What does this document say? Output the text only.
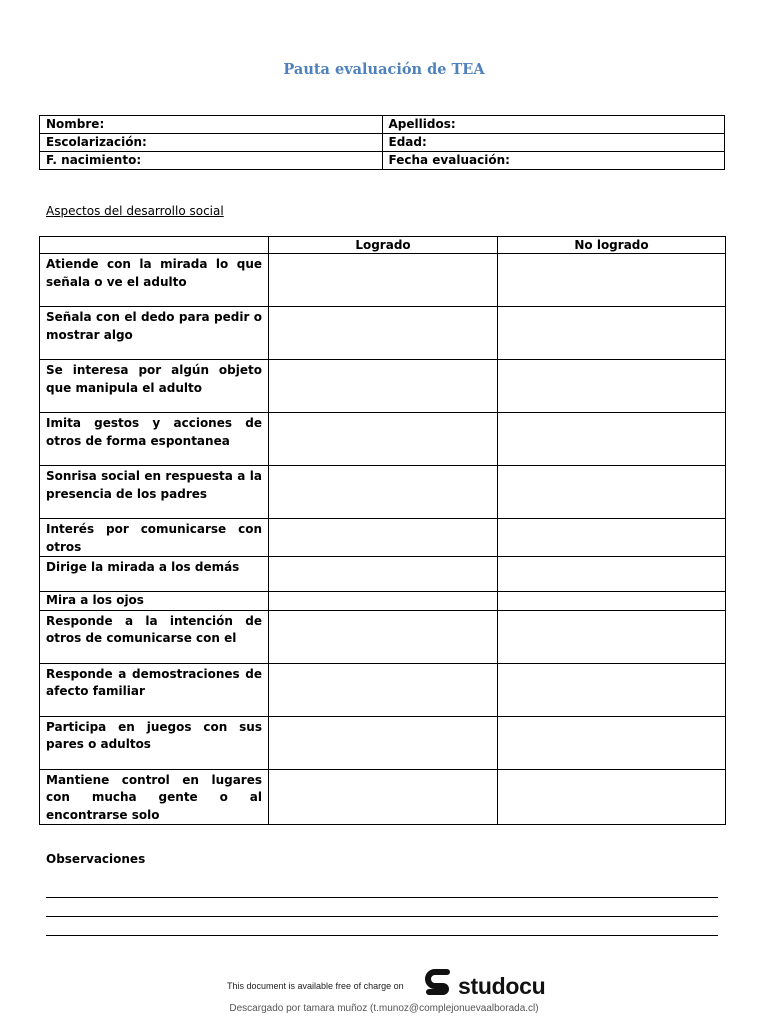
Pauta evaluación de TEA
Nombre:	Apellidos:
Escolarización:	Edad:
F. nacimiento:	Fecha evaluación:
Aspectos del desarrollo social
	Logrado	No logrado
Atiende con la mirada lo que señala o ve el adulto		
Señala con el dedo para pedir o mostrar algo		
Se interesa por algún objeto que manipula el adulto		
Imita gestos y acciones de otros de forma espontanea		
Sonrisa social en respuesta a la presencia de los padres		
Interés por comunicarse con otros		
Dirige la mirada a los demás		
Mira a los ojos		
Responde a la intención de otros de comunicarse con el		
Responde a demostraciones de afecto familiar		
Participa en juegos con sus pares o adultos		
Mantiene control en lugares con mucha gente o al encontrarse solo		
Observaciones
This document is available free of charge on studocu
Descargado por tamara muñoz (t.munoz@complejonuevaalborada.cl)
